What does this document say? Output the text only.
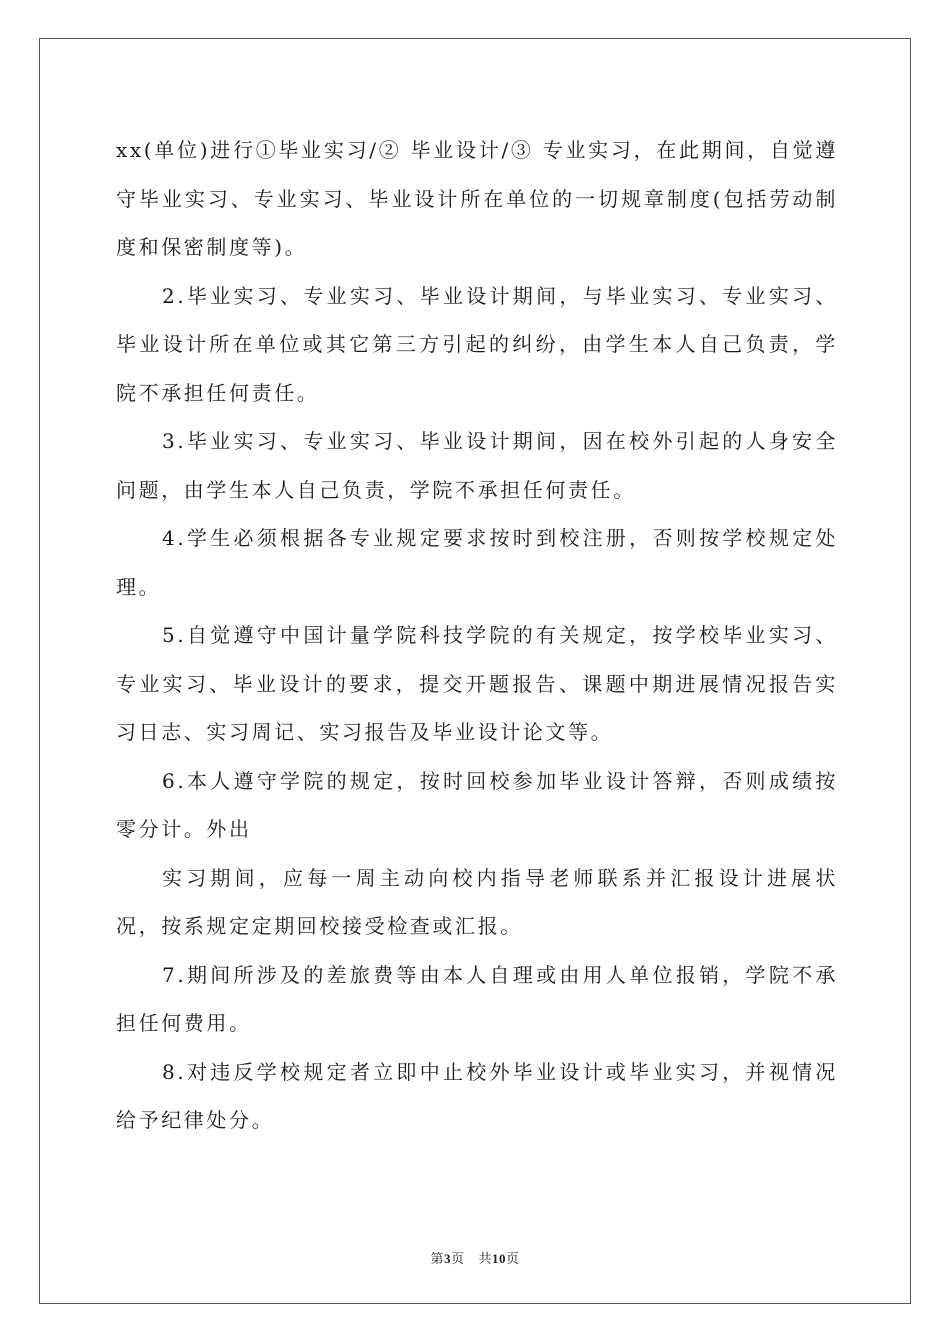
xx(单位)进行①毕业实习/② 毕业设计/③ 专业实习，在此期间，自觉遵守毕业实习、专业实习、毕业设计所在单位的一切规章制度(包括劳动制度和保密制度等)。

2.毕业实习、专业实习、毕业设计期间，与毕业实习、专业实习、毕业设计所在单位或其它第三方引起的纠纷，由学生本人自己负责，学院不承担任何责任。

3.毕业实习、专业实习、毕业设计期间，因在校外引起的人身安全问题，由学生本人自己负责，学院不承担任何责任。

4.学生必须根据各专业规定要求按时到校注册，否则按学校规定处理。

5.自觉遵守中国计量学院科技学院的有关规定，按学校毕业实习、专业实习、毕业设计的要求，提交开题报告、课题中期进展情况报告实习日志、实习周记、实习报告及毕业设计论文等。

6.本人遵守学院的规定，按时回校参加毕业设计答辩，否则成绩按零分计。外出

实习期间，应每一周主动向校内指导老师联系并汇报设计进展状况，按系规定定期回校接受检查或汇报。

7.期间所涉及的差旅费等由本人自理或由用人单位报销，学院不承担任何费用。

8.对违反学校规定者立即中止校外毕业设计或毕业实习，并视情况给予纪律处分。

第3页 共10页
